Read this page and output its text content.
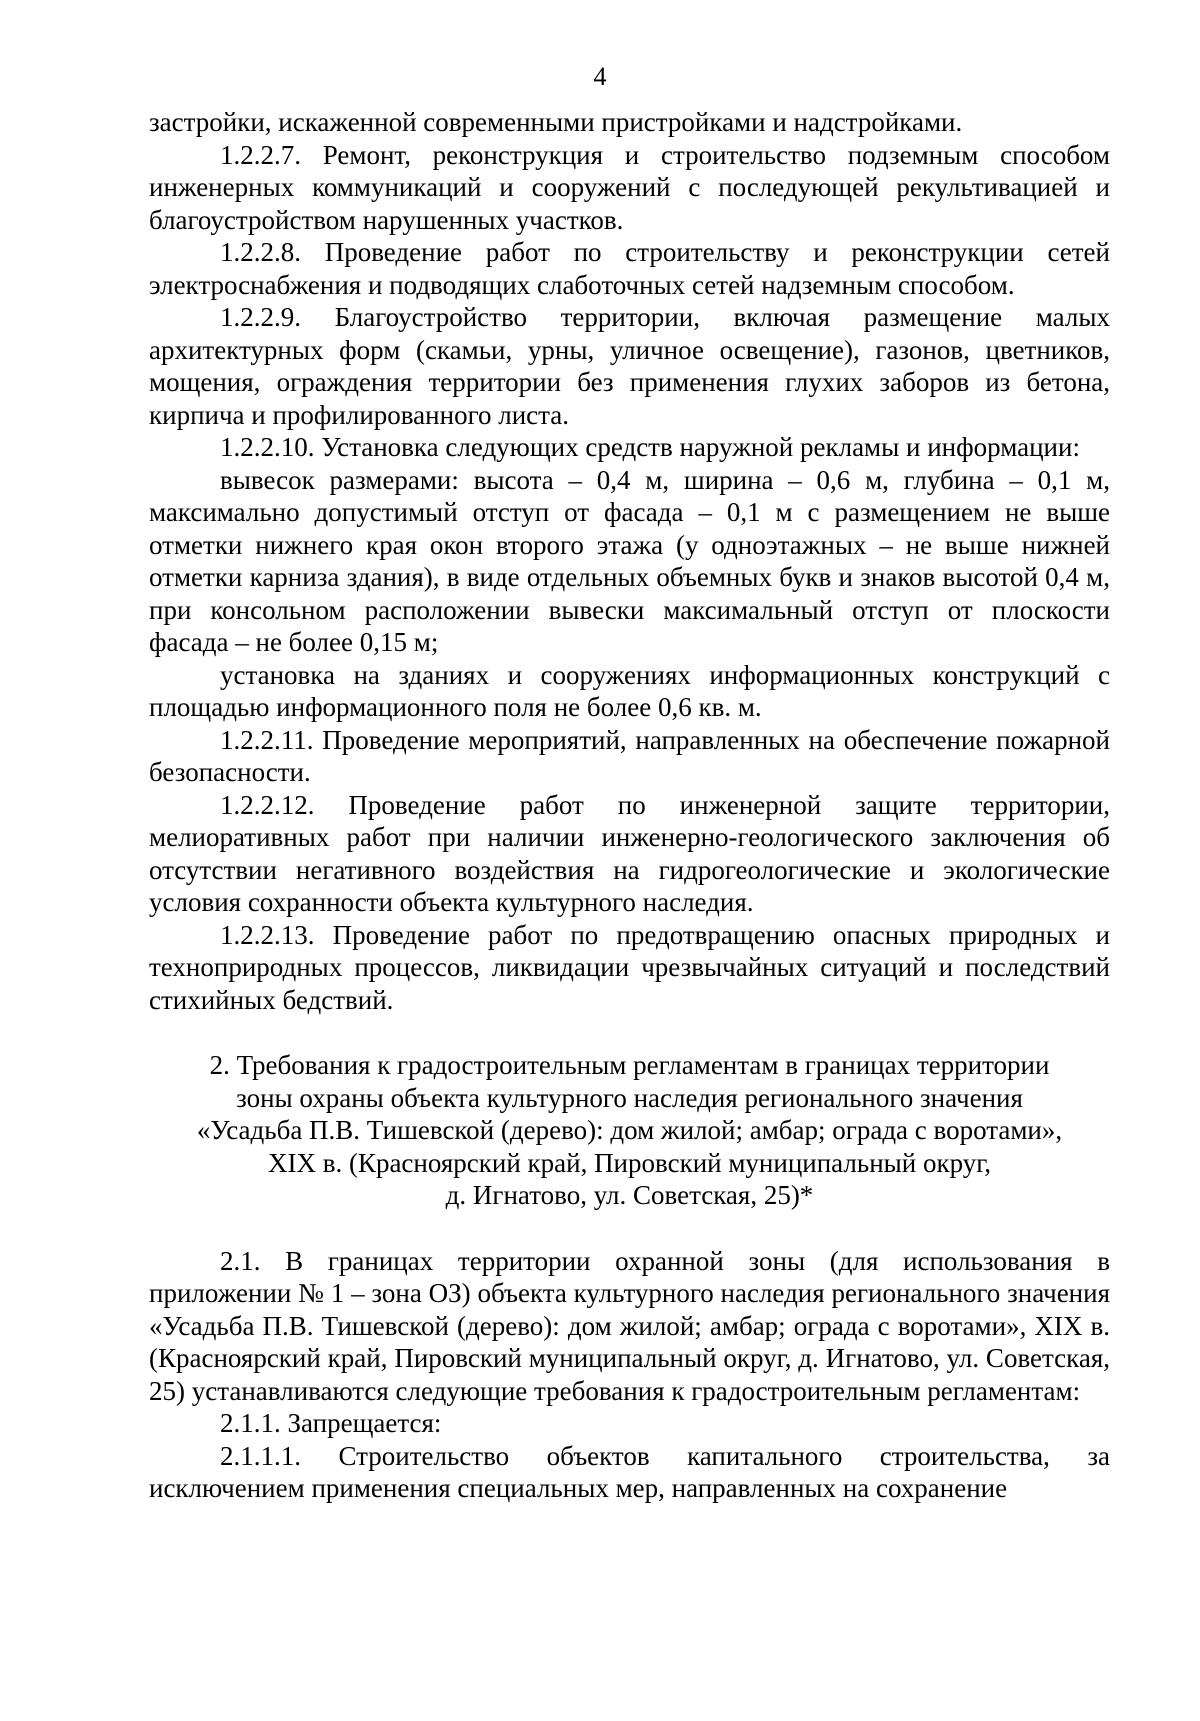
4

застройки, искаженной современными пристройками и надстройками.

1.2.2.7. Ремонт, реконструкция и строительство подземным способом инженерных коммуникаций и сооружений с последующей рекультивацией и благоустройством нарушенных участков.

1.2.2.8. Проведение работ по строительству и реконструкции сетей электроснабжения и подводящих слаботочных сетей надземным способом.

1.2.2.9. Благоустройство территории, включая размещение малых архитектурных форм (скамьи, урны, уличное освещение), газонов, цветников, мощения, ограждения территории без применения глухих заборов из бетона, кирпича и профилированного листа.

1.2.2.10. Установка следующих средств наружной рекламы и информации:

вывесок размерами: высота – 0,4 м, ширина – 0,6 м, глубина – 0,1 м, максимально допустимый отступ от фасада – 0,1 м с размещением не выше отметки нижнего края окон второго этажа (у одноэтажных – не выше нижней отметки карниза здания), в виде отдельных объемных букв и знаков высотой 0,4 м, при консольном расположении вывески максимальный отступ от плоскости фасада – не более 0,15 м;

установка на зданиях и сооружениях информационных конструкций с площадью информационного поля не более 0,6 кв. м.

1.2.2.11. Проведение мероприятий, направленных на обеспечение пожарной безопасности.

1.2.2.12. Проведение работ по инженерной защите территории, мелиоративных работ при наличии инженерно-геологического заключения об отсутствии негативного воздействия на гидрогеологические и экологические условия сохранности объекта культурного наследия.

1.2.2.13. Проведение работ по предотвращению опасных природных и техноприродных процессов, ликвидации чрезвычайных ситуаций и последствий стихийных бедствий.

2. Требования к градостроительным регламентам в границах территории

зоны охраны объекта культурного наследия регионального значения

«Усадьба П.В. Тишевской (дерево): дом жилой; амбар; ограда с воротами»,

XIX в. (Красноярский край, Пировский муниципальный округ,

д. Игнатово, ул. Советская, 25)*

2.1. В границах территории охранной зоны (для использования в приложении № 1 – зона ОЗ) объекта культурного наследия регионального значения «Усадьба П.В. Тишевской (дерево): дом жилой; амбар; ограда с воротами», XIX в. (Красноярский край, Пировский муниципальный округ, д. Игнатово, ул. Советская, 25) устанавливаются следующие требования к градостроительным регламентам:

2.1.1. Запрещается:

2.1.1.1. Строительство объектов капитального строительства, за исключением применения специальных мер, направленных на сохранение
